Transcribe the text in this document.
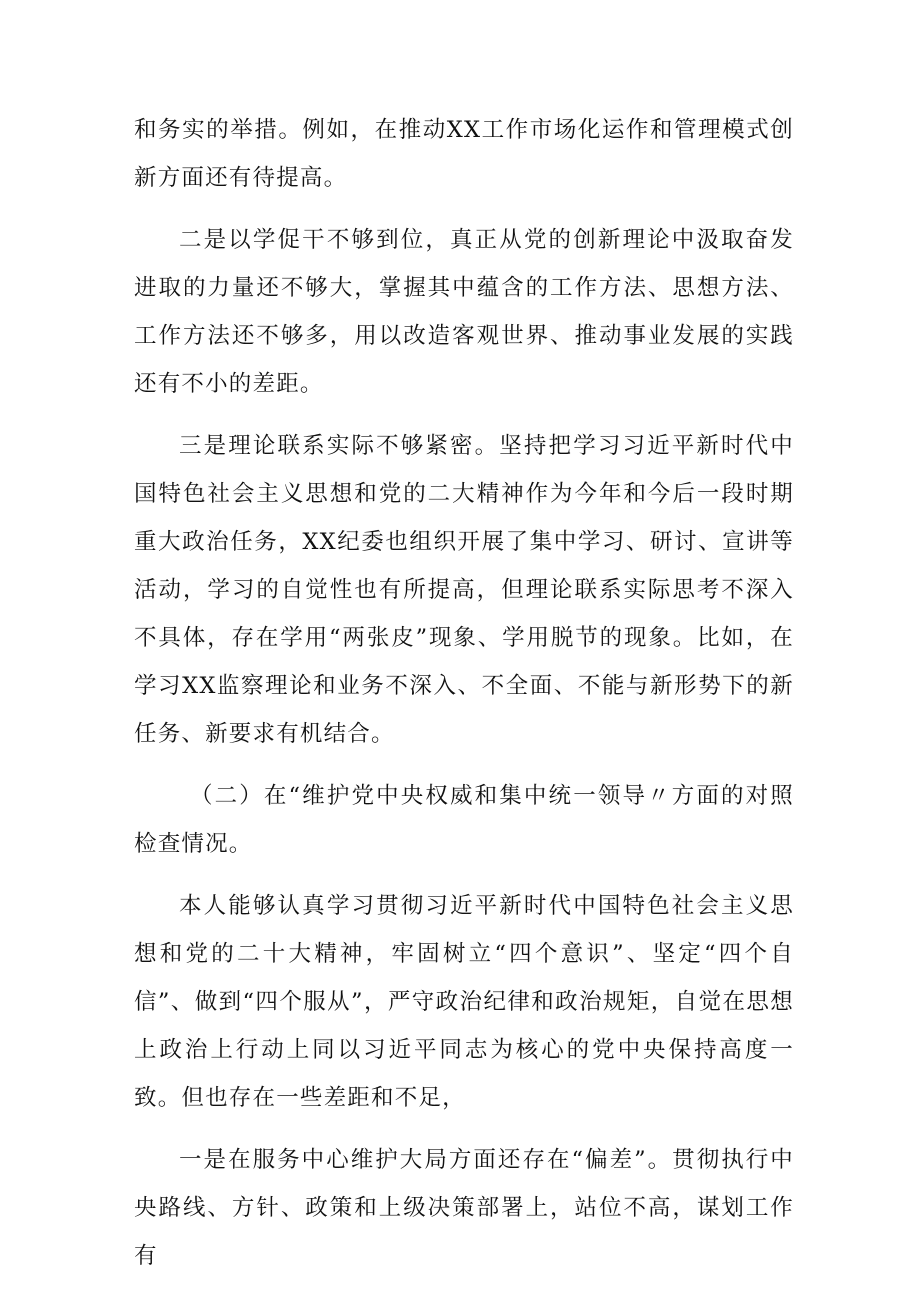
和务实的举措。例如，在推动XX工作市场化运作和管理模式创新方面还有待提高。

二是以学促干不够到位，真正从党的创新理论中汲取奋发进取的力量还不够大，掌握其中蕴含的工作方法、思想方法、工作方法还不够多，用以改造客观世界、推动事业发展的实践还有不小的差距。

三是理论联系实际不够紧密。坚持把学习习近平新时代中国特色社会主义思想和党的二大精神作为今年和今后一段时期重大政治任务，XX纪委也组织开展了集中学习、研讨、宣讲等活动，学习的自觉性也有所提高，但理论联系实际思考不深入不具体，存在学用“两张皮”现象、学用脱节的现象。比如，在学习XX监察理论和业务不深入、不全面、不能与新形势下的新任务、新要求有机结合。

（二）在“维护党中央权威和集中统一领导〃方面的对照检查情况。

本人能够认真学习贯彻习近平新时代中国特色社会主义思想和党的二十大精神，牢固树立“四个意识”、坚定“四个自信”、做到“四个服从”，严守政治纪律和政治规矩，自觉在思想上政治上行动上同以习近平同志为核心的党中央保持高度一致。但也存在一些差距和不足，

一是在服务中心维护大局方面还存在“偏差”。贯彻执行中央路线、方针、政策和上级决策部署上，站位不高，谋划工作有
